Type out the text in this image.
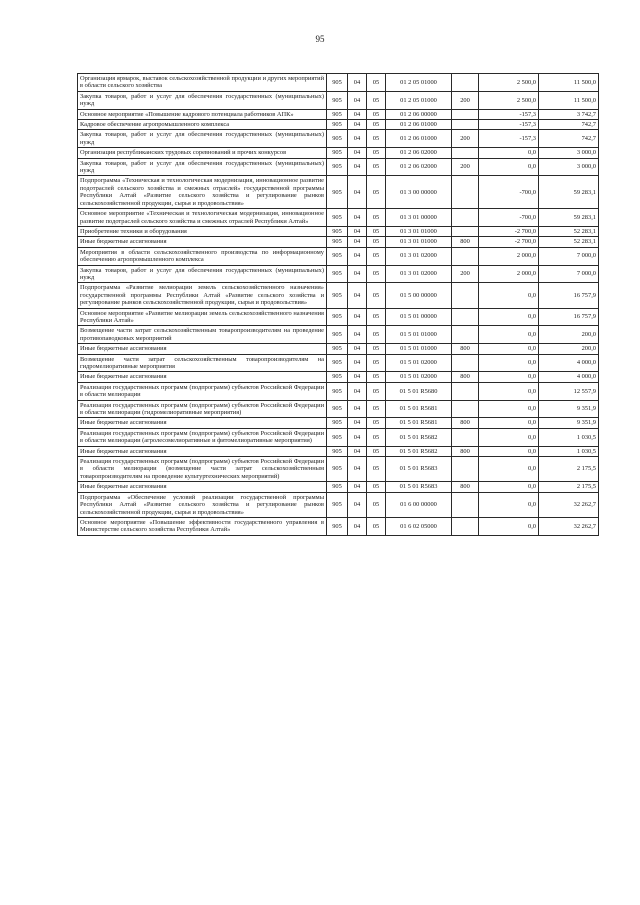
95
Организация ярмарок, выставок сельскохозяйственной продукции и других мероприятий в области сельского хозяйства	905	04	05	01 2 05 01000		2 500,0	11 500,0
Закупка товаров, работ и услуг для обеспечения государственных (муниципальных) нужд	905	04	05	01 2 05 01000	200	2 500,0	11 500,0
Основное мероприятие «Повышение кадрового потенциала работников АПК»	905	04	05	01 2 06 00000		-157,3	3 742,7
Кадровое обеспечение агропромышленного комплекса	905	04	05	01 2 06 01000		-157,3	742,7
Закупка товаров, работ и услуг для обеспечения государственных (муниципальных) нужд	905	04	05	01 2 06 01000	200	-157,3	742,7
Организация республиканских трудовых соревнований и прочих конкурсов	905	04	05	01 2 06 02000		0,0	3 000,0
Закупка товаров, работ и услуг для обеспечения государственных (муниципальных) нужд	905	04	05	01 2 06 02000	200	0,0	3 000,0
Подпрограмма «Техническая и технологическая модернизация, инновационное развитие подотраслей сельского хозяйства и смежных отраслей» государственной программы Республики Алтай «Развитие сельского хозяйства и регулирование рынков сельскохозяйственной продукции, сырья и продовольствия»	905	04	05	01 3 00 00000		-700,0	59 283,1
Основное мероприятие «Техническая и технологическая модернизация, инновационное развитие подотраслей сельского хозяйства и смежных отраслей Республики Алтай»	905	04	05	01 3 01 00000		-700,0	59 283,1
Приобретение техники и оборудования	905	04	05	01 3 01 01000		-2 700,0	52 283,1
Иные бюджетные ассигнования	905	04	05	01 3 01 01000	800	-2 700,0	52 283,1
Мероприятия в области сельскохозяйственного производства по информационному обеспечению агропромышленного комплекса	905	04	05	01 3 01 02000		2 000,0	7 000,0
Закупка товаров, работ и услуг для обеспечения государственных (муниципальных) нужд	905	04	05	01 3 01 02000	200	2 000,0	7 000,0
Подпрограмма «Развитие мелиорации земель сельскохозяйственного назначения» государственной программы Республики Алтай «Развитие сельского хозяйства и регулирование рынков сельскохозяйственной продукции, сырья и продовольствия»	905	04	05	01 5 00 00000		0,0	16 757,9
Основное мероприятие «Развитие мелиорации земель сельскохозяйственного назначения Республики Алтай»	905	04	05	01 5 01 00000		0,0	16 757,9
Возмещение части затрат сельскохозяйственным товаропроизводителям на проведение противопаводковых мероприятий	905	04	05	01 5 01 01000		0,0	200,0
Иные бюджетные ассигнования	905	04	05	01 5 01 01000	800	0,0	200,0
Возмещение части затрат сельскохозяйственным товаропроизводителям на гидромелиоративные мероприятия	905	04	05	01 5 01 02000		0,0	4 000,0
Иные бюджетные ассигнования	905	04	05	01 5 01 02000	800	0,0	4 000,0
Реализация государственных программ (подпрограмм) субъектов Российской Федерации в области мелиорации	905	04	05	01 5 01 R5680		0,0	12 557,9
Реализация государственных программ (подпрограмм) субъектов Российской Федерации в области мелиорации (гидромелиоративные мероприятия)	905	04	05	01 5 01 R5681		0,0	9 351,9
Иные бюджетные ассигнования	905	04	05	01 5 01 R5681	800	0,0	9 351,9
Реализация государственных программ (подпрограмм) субъектов Российской Федерации в области мелиорации (агролесомелиоративные и фитомелиоративные мероприятия)	905	04	05	01 5 01 R5682		0,0	1 030,5
Иные бюджетные ассигнования	905	04	05	01 5 01 R5682	800	0,0	1 030,5
Реализация государственных программ (подпрограмм) субъектов Российской Федерации в области мелиорации (возмещение части затрат сельскохозяйственным товаропроизводителям на проведение культуртехнических мероприятий)	905	04	05	01 5 01 R5683		0,0	2 175,5
Иные бюджетные ассигнования	905	04	05	01 5 01 R5683	800	0,0	2 175,5
Подпрограмма «Обеспечение условий реализации государственной программы Республики Алтай «Развитие сельского хозяйства и регулирование рынков сельскохозяйственной продукции, сырья и продовольствия»	905	04	05	01 6 00 00000		0,0	32 262,7
Основное мероприятие «Повышение эффективности государственного управления в Министерстве сельского хозяйства Республики Алтай»	905	04	05	01 6 02 05000		0,0	32 262,7
